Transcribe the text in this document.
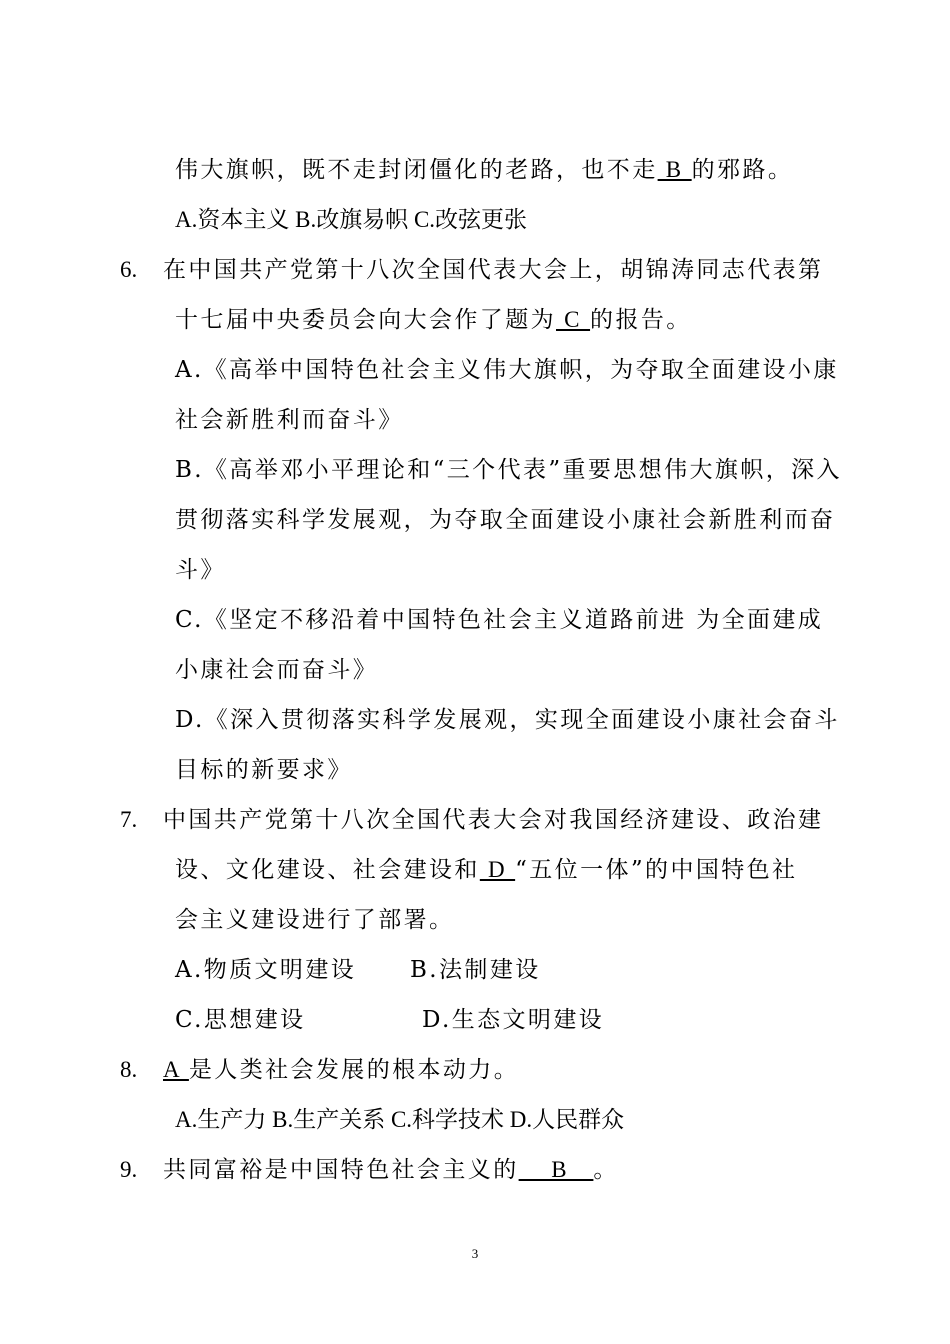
伟大旗帜，既不走封闭僵化的老路，也不走 B 的邪路。
A.资本主义 B.改旗易帜 C.改弦更张
6. 在中国共产党第十八次全国代表大会上，胡锦涛同志代表第
十七届中央委员会向大会作了题为 C 的报告。
A.《高举中国特色社会主义伟大旗帜，为夺取全面建设小康
社会新胜利而奋斗》
B.《高举邓小平理论和“三个代表”重要思想伟大旗帜，深入
贯彻落实科学发展观，为夺取全面建设小康社会新胜利而奋
斗》
C.《坚定不移沿着中国特色社会主义道路前进 为全面建成
小康社会而奋斗》
D.《深入贯彻落实科学发展观，实现全面建设小康社会奋斗
目标的新要求》
7. 中国共产党第十八次全国代表大会对我国经济建设、政治建
设、文化建设、社会建设和 D “五位一体”的中国特色社
会主义建设进行了部署。
A.物质文明建设 B.法制建设
C.思想建设	D.生态文明建设
8. A 是人类社会发展的根本动力。
A.生产力 B.生产关系 C.科学技术 D.人民群众
9. 共同富裕是中国特色社会主义的    B   。
3
